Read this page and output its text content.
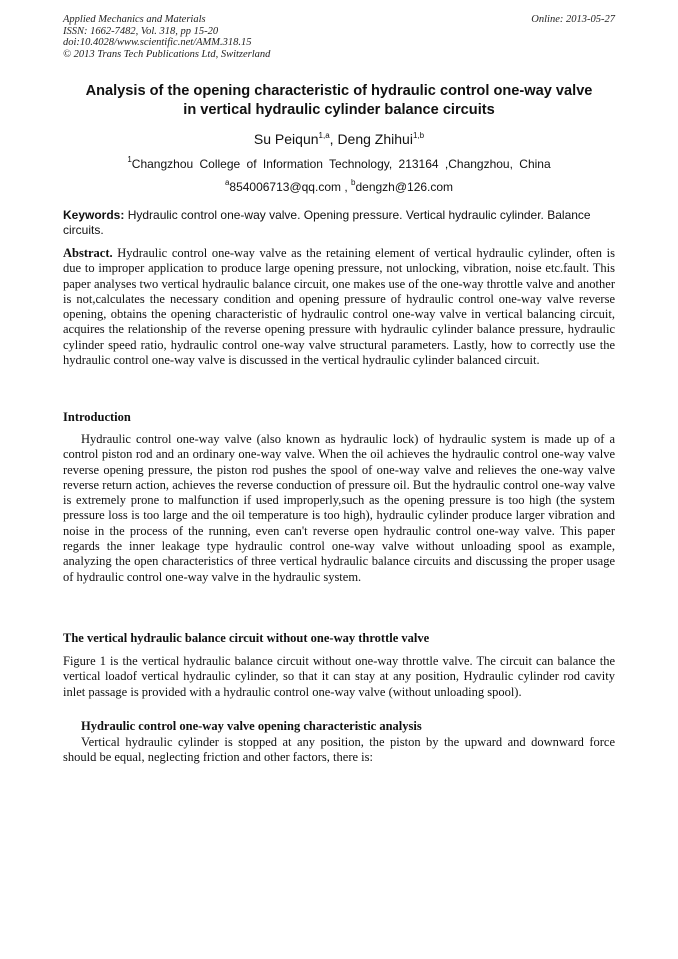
Applied Mechanics and Materials
ISSN: 1662-7482, Vol. 318, pp 15-20
doi:10.4028/www.scientific.net/AMM.318.15
© 2013 Trans Tech Publications Ltd, Switzerland
Online: 2013-05-27
Analysis of the opening characteristic of hydraulic control one-way valve
in vertical hydraulic cylinder balance circuits
Su Peiqun$^{1,a}$, Deng Zhihui$^{1,b}$
$^1$Changzhou College of Information Technology, 213164 ,Changzhou, China
$^a$854006713@qq.com , $^b$dengzh@126.com
Keywords: Hydraulic control one-way valve. Opening pressure. Vertical hydraulic cylinder. Balance circuits.
Abstract. Hydraulic control one-way valve as the retaining element of vertical hydraulic cylinder, often is due to improper application to produce large opening pressure, not unlocking, vibration, noise etc.fault. This paper analyses two vertical hydraulic balance circuit, one makes use of the one-way throttle valve and another is not,calculates the necessary condition and opening pressure of hydraulic control one-way valve reverse opening, obtains the opening characteristic of hydraulic control one-way valve in vertical balancing circuit, acquires the relationship of the reverse opening pressure with hydraulic cylinder balance pressure, hydraulic cylinder speed ratio, hydraulic control one-way valve structural parameters. Lastly, how to correctly use the hydraulic control one-way valve is discussed in the vertical hydraulic cylinder balanced circuit.
Introduction
Hydraulic control one-way valve (also known as hydraulic lock) of hydraulic system is made up of a control piston rod and an ordinary one-way valve. When the oil achieves the hydraulic control one-way valve reverse opening pressure, the piston rod pushes the spool of one-way valve and relieves the one-way valve reverse return action, achieves the reverse conduction of pressure oil. But the hydraulic control one-way valve is extremely prone to malfunction if used improperly,such as the opening pressure is too high (the system pressure loss is too large and the oil temperature is too high), hydraulic cylinder produce larger vibration and noise in the process of the running, even can't reverse open hydraulic control one-way valve. This paper regards the inner leakage type hydraulic control one-way valve without unloading spool as example, analyzing the open characteristics of three vertical hydraulic balance circuits and discussing the proper usage of hydraulic control one-way valve in the hydraulic system.
The vertical hydraulic balance circuit without one-way throttle valve
Figure 1 is the vertical hydraulic balance circuit without one-way throttle valve. The circuit can balance the vertical loadof vertical hydraulic cylinder, so that it can stay at any position, Hydraulic cylinder rod cavity inlet passage is provided with a hydraulic control one-way valve (without unloading spool).
Hydraulic control one-way valve opening characteristic analysis
Vertical hydraulic cylinder is stopped at any position, the piston by the upward and downward force should be equal, neglecting friction and other factors, there is:
